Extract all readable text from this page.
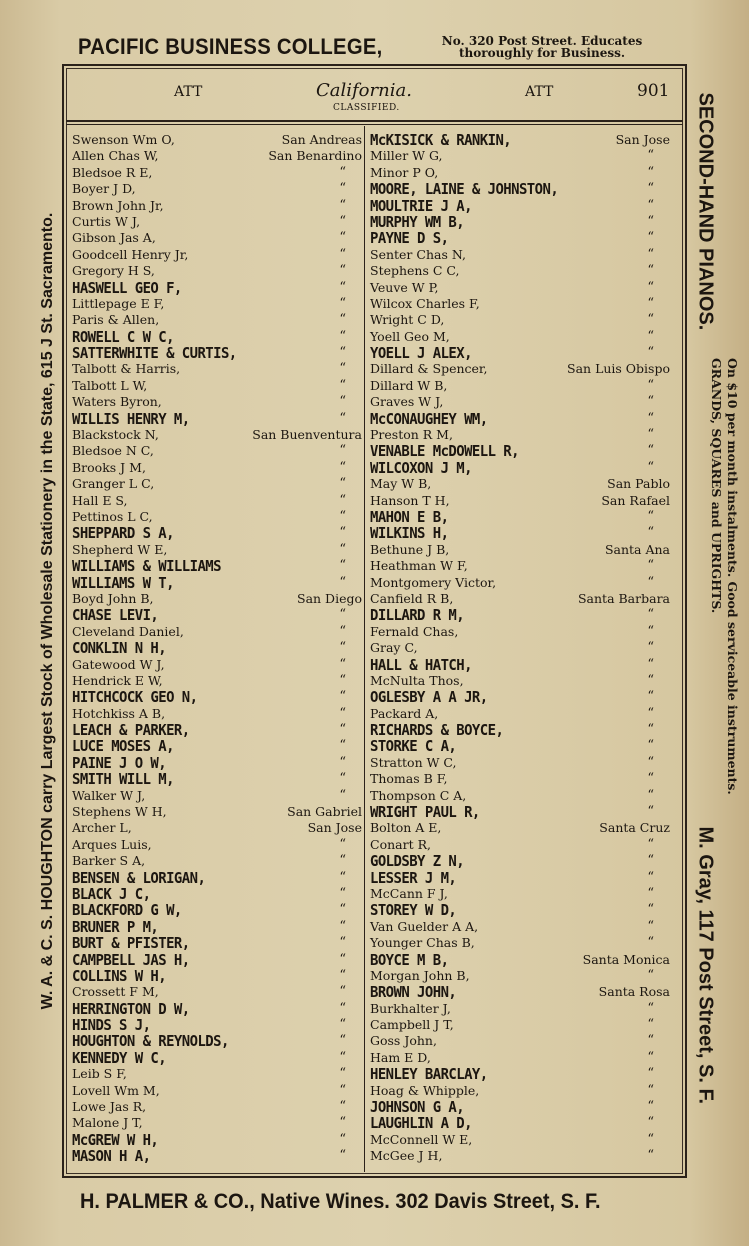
PACIFIC BUSINESS COLLEGE,	No. 320 Post Street. Educates
thoroughly for Business.
ATT	California.
CLASSIFIED.
ATT	901
Swenson Wm O,	San Andreas
Allen Chas W,	San Benardino
Bledsoe R E,	“
Boyer J D,	“
Brown John Jr,	“
Curtis W J,	“
Gibson Jas A,	“
Goodcell Henry Jr,	“
Gregory H S,	“
HASWELL GEO F,	“
Littlepage E F,	“
Paris & Allen,	“
ROWELL C W C,	“
SATTERWHITE & CURTIS,	“
Talbott & Harris,	“
Talbott L W,	“
Waters Byron,	“
WILLIS HENRY M,	“
Blackstock N,	San Buenventura
Bledsoe N C,	“
Brooks J M,	“
Granger L C,	“
Hall E S,	“
Pettinos L C,	“
SHEPPARD S A,	“
Shepherd W E,	“
WILLIAMS & WILLIAMS	“
WILLIAMS W T,	“
Boyd John B,	San Diego
CHASE LEVI,	“
Cleveland Daniel,	“
CONKLIN N H,	“
Gatewood W J,	“
Hendrick E W,	“
HITCHCOCK GEO N,	“
Hotchkiss A B,	“
LEACH & PARKER,	“
LUCE MOSES A,	“
PAINE J O W,	“
SMITH WILL M,	“
Walker W J,	“
Stephens W H,	San Gabriel
Archer L,	San Jose
Arques Luis,	“
Barker S A,	“
BENSEN & LORIGAN,	“
BLACK J C,	“
BLACKFORD G W,	“
BRUNER P M,	“
BURT & PFISTER,	“
CAMPBELL JAS H,	“
COLLINS W H,	“
Crossett F M,	“
HERRINGTON D W,	“
HINDS S J,	“
HOUGHTON & REYNOLDS,	“
KENNEDY W C,	“
Leib S F,	“
Lovell Wm M,	“
Lowe Jas R,	“
Malone J T,	“
McGREW W H,	“
MASON H A,	“
McKISICK & RANKIN,	San Jose
Miller W G,	“
Minor P O,	“
MOORE, LAINE & JOHNSTON,	“
MOULTRIE J A,	“
MURPHY WM B,	“
PAYNE D S,	“
Senter Chas N,	“
Stephens C C,	“
Veuve W P,	“
Wilcox Charles F,	“
Wright C D,	“
Yoell Geo M,	“
YOELL J ALEX,	“
Dillard & Spencer,	San Luis Obispo
Dillard W B,	“
Graves W J,	“
McCONAUGHEY WM,	“
Preston R M,	“
VENABLE McDOWELL R,	“
WILCOXON J M,	“
May W B,	San Pablo
Hanson T H,	San Rafael
MAHON E B,	“
WILKINS H,	“
Bethune J B,	Santa Ana
Heathman W F,	“
Montgomery Victor,	“
Canfield R B,	Santa Barbara
DILLARD R M,	“
Fernald Chas,	“
Gray C,	“
HALL & HATCH,	“
McNulta Thos,	“
OGLESBY A A JR,	“
Packard A,	“
RICHARDS & BOYCE,	“
STORKE C A,	“
Stratton W C,	“
Thomas B F,	“
Thompson C A,	“
WRIGHT PAUL R,	“
Bolton A E,	Santa Cruz
Conart R,	“
GOLDSBY Z N,	“
LESSER J M,	“
McCann F J,	“
STOREY W D,	“
Van Guelder A A,	“
Younger Chas B,	“
BOYCE M B,	Santa Monica
Morgan John B,	“
BROWN JOHN,	Santa Rosa
Burkhalter J,	“
Campbell J T,	“
Goss John,	“
Ham E D,	“
HENLEY BARCLAY,	“
Hoag & Whipple,	“
JOHNSON G A,	“
LAUGHLIN A D,	“
McConnell W E,	“
McGee J H,	“
W. A. & C. S. HOUGHTON carry Largest Stock of Wholesale Stationery in the State, 615 J St. Sacramento.
SECOND-HAND PIANOS.
On $10 per month instalments. Good serviceable instruments. GRANDS, SQUARES and UPRIGHTS.
M. Gray, 117 Post Street, S. F.
H. PALMER & CO., Native Wines. 302 Davis Street, S. F.
